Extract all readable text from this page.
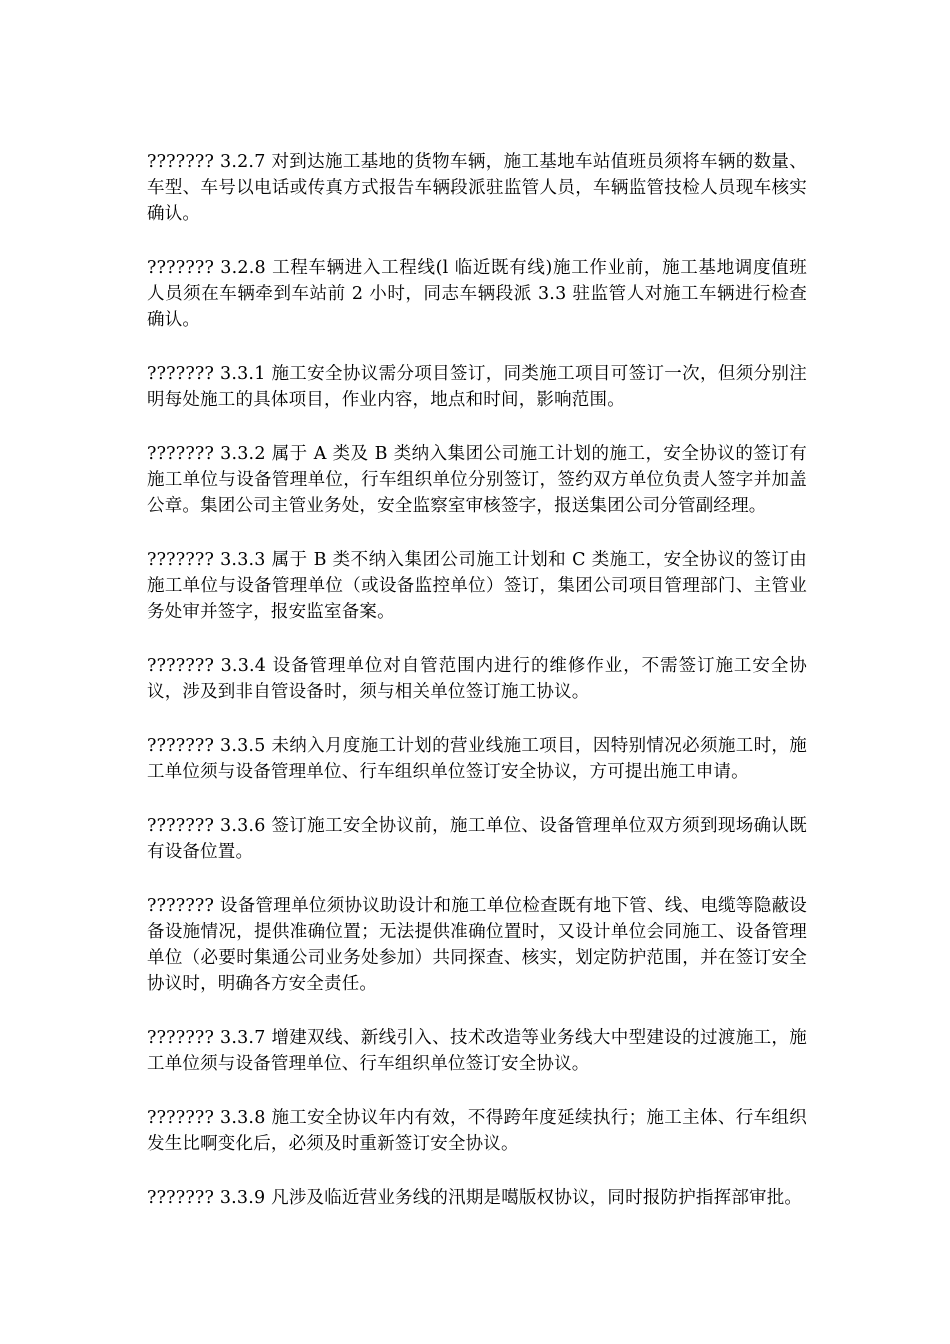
??????? 3.2.7 对到达施工基地的货物车辆，施工基地车站值班员须将车辆的数量、车型、车号以电话或传真方式报告车辆段派驻监管人员，车辆监管技检人员现车核实确认。

??????? 3.2.8 工程车辆进入工程线(l 临近既有线)施工作业前，施工基地调度值班人员须在车辆牵到车站前 2 小时，同志车辆段派 3.3 驻监管人对施工车辆进行检查确认。

??????? 3.3.1 施工安全协议需分项目签订，同类施工项目可签订一次，但须分别注明每处施工的具体项目，作业内容，地点和时间，影响范围。

??????? 3.3.2 属于 A 类及 B 类纳入集团公司施工计划的施工，安全协议的签订有施工单位与设备管理单位，行车组织单位分别签订，签约双方单位负责人签字并加盖公章。集团公司主管业务处，安全监察室审核签字，报送集团公司分管副经理。

??????? 3.3.3 属于 B 类不纳入集团公司施工计划和 C 类施工，安全协议的签订由施工单位与设备管理单位（或设备监控单位）签订，集团公司项目管理部门、主管业务处审并签字，报安监室备案。

??????? 3.3.4 设备管理单位对自管范围内进行的维修作业，不需签订施工安全协议，涉及到非自管设备时，须与相关单位签订施工协议。

??????? 3.3.5 未纳入月度施工计划的营业线施工项目，因特别情况必须施工时，施工单位须与设备管理单位、行车组织单位签订安全协议，方可提出施工申请。

??????? 3.3.6 签订施工安全协议前，施工单位、设备管理单位双方须到现场确认既有设备位置。

??????? 设备管理单位须协议助设计和施工单位检查既有地下管、线、电缆等隐蔽设备设施情况，提供准确位置；无法提供准确位置时，又设计单位会同施工、设备管理单位（必要时集通公司业务处参加）共同探查、核实，划定防护范围，并在签订安全协议时，明确各方安全责任。

??????? 3.3.7 增建双线、新线引入、技术改造等业务线大中型建设的过渡施工，施工单位须与设备管理单位、行车组织单位签订安全协议。

??????? 3.3.8 施工安全协议年内有效，不得跨年度延续执行；施工主体、行车组织发生比啊变化后，必须及时重新签订安全协议。

??????? 3.3.9 凡涉及临近营业务线的汛期是噶版权协议，同时报防护指挥部审批。
